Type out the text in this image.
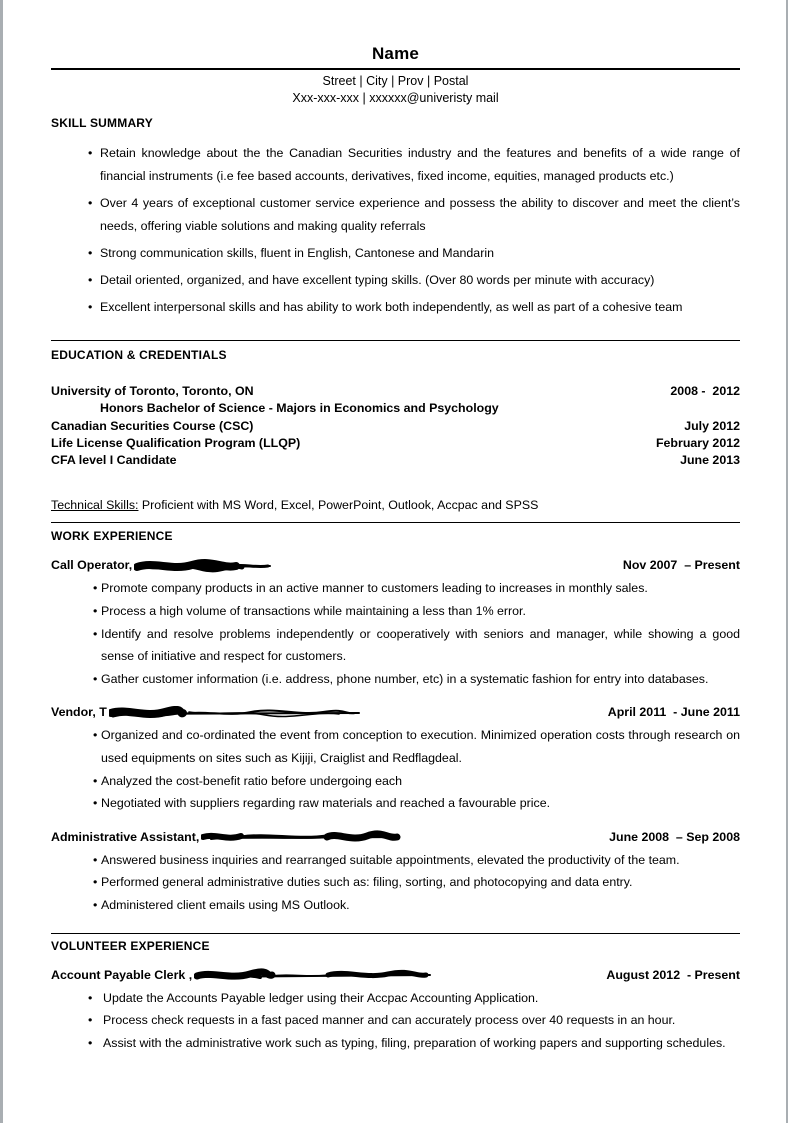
Name
Street | City | Prov | Postal
Xxx-xxx-xxx | xxxxxx@univeristy mail
SKILL SUMMARY
• Retain knowledge about the the Canadian Securities industry and the features and benefits of a wide range of financial instruments (i.e fee based accounts, derivatives, fixed income, equities, managed products etc.)
• Over 4 years of exceptional customer service experience and possess the ability to discover and meet the client’s needs, offering viable solutions and making quality referrals
• Strong communication skills, fluent in English, Cantonese and Mandarin
• Detail oriented, organized, and have excellent typing skills. (Over 80 words per minute with accuracy)
• Excellent interpersonal skills and has ability to work both independently, as well as part of a cohesive team
EDUCATION & CREDENTIALS
University of Toronto, Toronto, ON	2008 -  2012
Honors Bachelor of Science - Majors in Economics and Psychology
Canadian Securities Course (CSC)	July 2012
Life License Qualification Program (LLQP)	February 2012
CFA level I Candidate	June 2013
Technical Skills: Proficient with MS Word, Excel, PowerPoint, Outlook, Accpac and SPSS
WORK EXPERIENCE
Call Operator,	Nov 2007  – Present
• Promote company products in an active manner to customers leading to increases in monthly sales.
• Process a high volume of transactions while maintaining a less than 1% error.
• Identify and resolve problems independently or cooperatively with seniors and manager, while showing a good sense of initiative and respect for customers.
• Gather customer information (i.e. address, phone number, etc) in a systematic fashion for entry into databases.
Vendor, T	April 2011  - June 2011
• Organized and co-ordinated the event from conception to execution. Minimized operation costs through research on used equipments on sites such as Kijiji, Craiglist and Redflagdeal.
• Analyzed the cost-benefit ratio before undergoing each
• Negotiated with suppliers regarding raw materials and reached a favourable price.
Administrative Assistant,	June 2008  – Sep 2008
• Answered business inquiries and rearranged suitable appointments, elevated the productivity of the team.
• Performed general administrative duties such as: filing, sorting, and photocopying and data entry.
• Administered client emails using MS Outlook.
VOLUNTEER EXPERIENCE
Account Payable Clerk ,	August 2012  - Present
• Update the Accounts Payable ledger using their Accpac Accounting Application.
• Process check requests in a fast paced manner and can accurately process over 40 requests in an hour.
• Assist with the administrative work such as typing, filing, preparation of working papers and supporting schedules.
